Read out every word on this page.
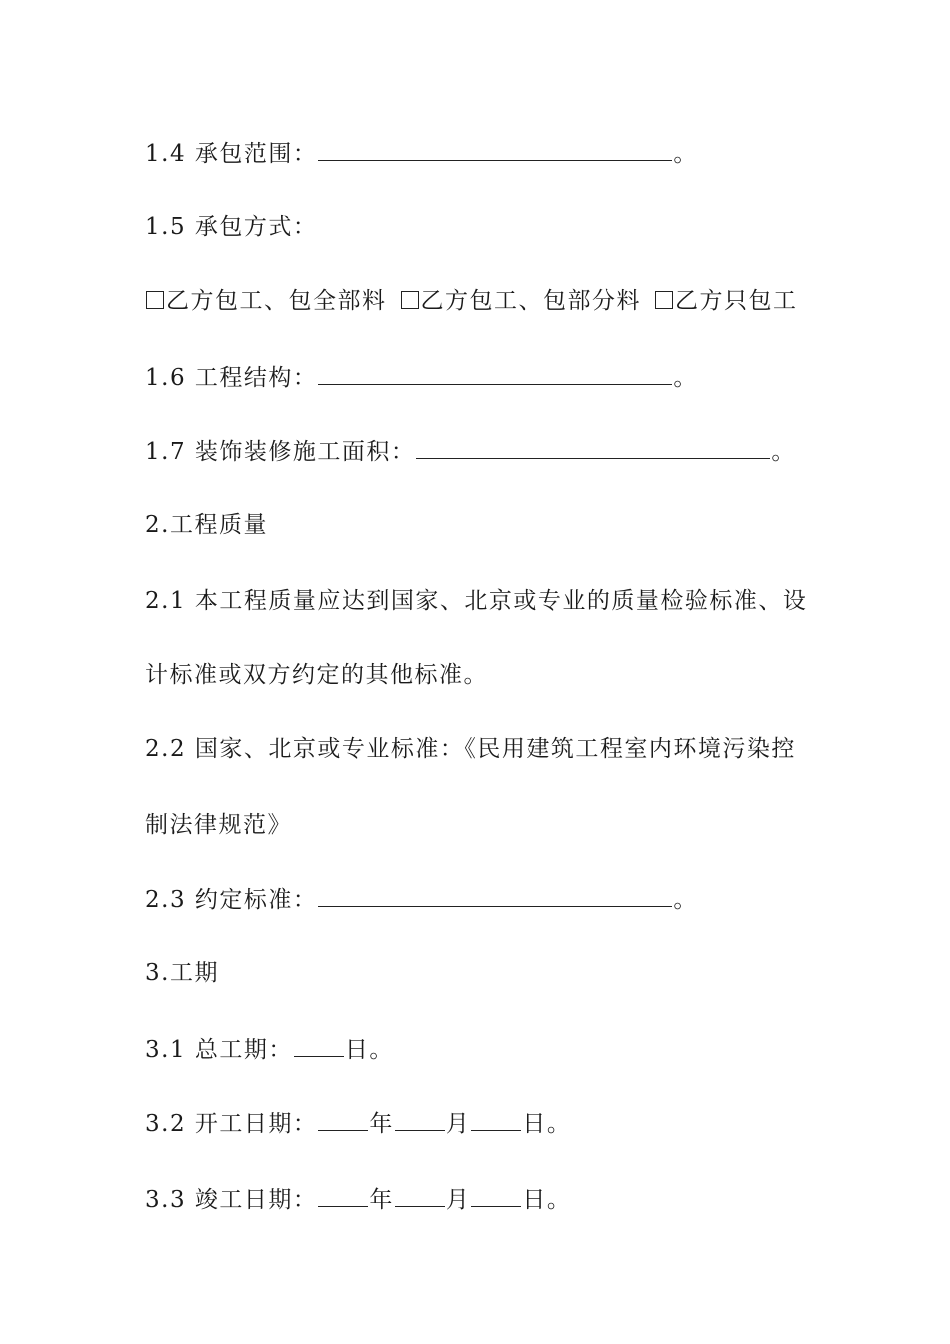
1.4 承包范围：	。
1.5 承包方式：
乙方包工、包全部料 乙方包工、包部分料 乙方只包工
1.6 工程结构：	。
1.7 装饰装修施工面积：	。
2.工程质量
2.1 本工程质量应达到国家、北京或专业的质量检验标准、设
计标准或双方约定的其他标准。
2.2 国家、北京或专业标准：《民用建筑工程室内环境污染控
制法律规范》
2.3 约定标准：	。
3.工期
3.1 总工期： 日。
3.2 开工日期： 年 月 日。
3.3 竣工日期： 年 月 日。
